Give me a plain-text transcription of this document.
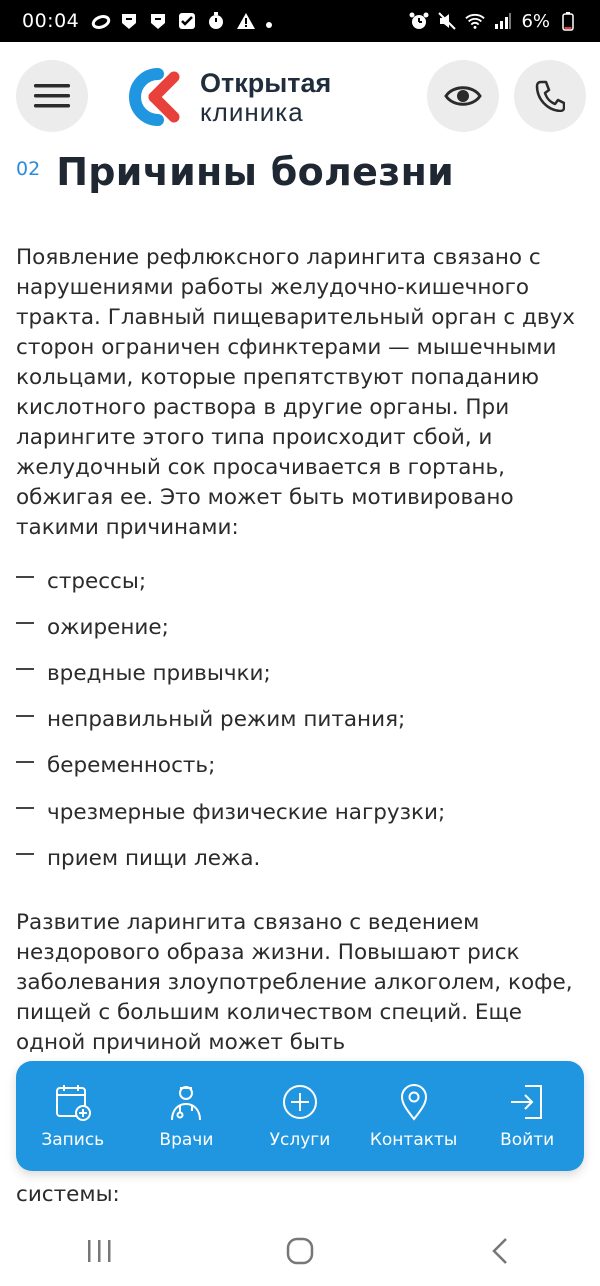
00:04	6%
Открытая
клиника
02 Причины болезни

Появление рефлюксного ларингита связано с нарушениями работы желудочно-кишечного тракта. Главный пищеварительный орган с двух сторон ограничен сфинктерами — мышечными кольцами, которые препятствуют попаданию кислотного раствора в другие органы. При ларингите этого типа происходит сбой, и желудочный сок просачивается в гортань, обжигая ее. Это может быть мотивировано такими причинами:

стрессы;
ожирение;
вредные привычки;
неправильный режим питания;
беременность;
чрезмерные физические нагрузки;
прием пищи лежа.

Развитие ларингита связано с ведением нездорового образа жизни. Повышают риск заболевания злоупотребление алкоголем, кофе, пищей с большим количеством специй. Еще одной причиной может быть

системы:

Запись	Врачи	Услуги Контакты	Войти
